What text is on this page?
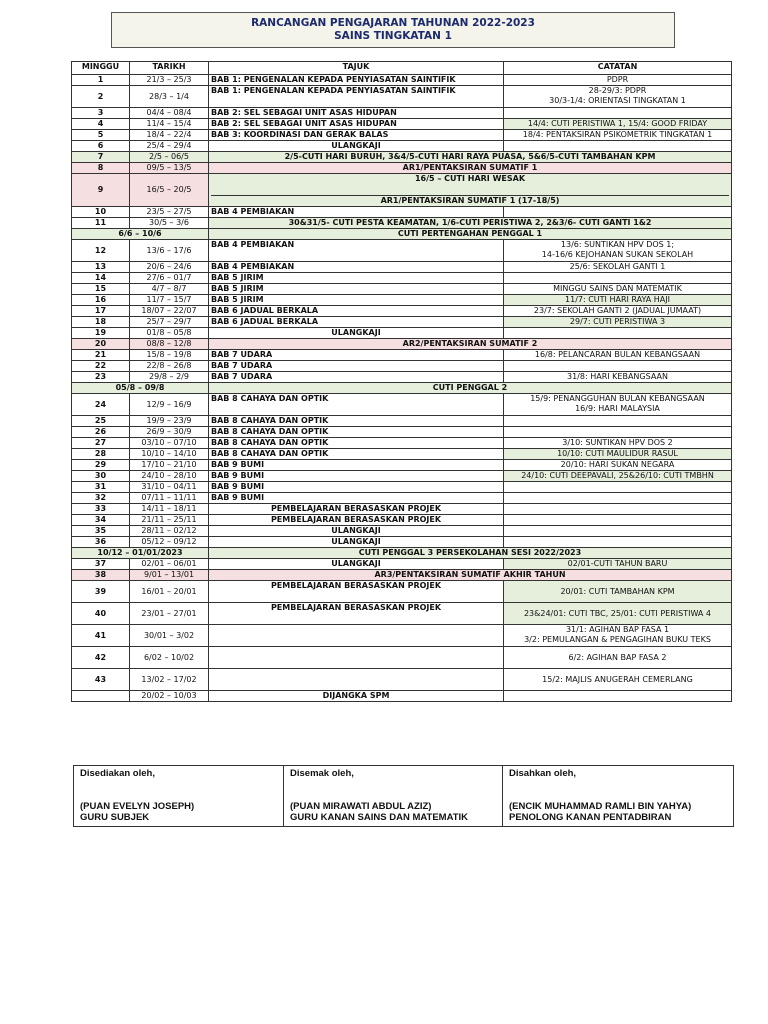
RANCANGAN PENGAJARAN TAHUNAN 2022-2023
SAINS TINGKATAN 1
MINGGU	TARIKH	TAJUK	CATATAN
1	21/3 – 25/3	BAB 1: PENGENALAN KEPADA PENYIASATAN SAINTIFIK	PDPR
2	28/3 – 1/4	BAB 1: PENGENALAN KEPADA PENYIASATAN SAINTIFIK	28-29/3: PDPR
30/3-1/4: ORIENTASI TINGKATAN 1

3	04/4 – 08/4	BAB 2: SEL SEBAGAI UNIT ASAS HIDUPAN	
4	11/4 – 15/4	BAB 2: SEL SEBAGAI UNIT ASAS HIDUPAN	14/4: CUTI PERISTIWA 1, 15/4: GOOD FRIDAY
5	18/4 – 22/4	BAB 3: KOORDINASI DAN GERAK BALAS	18/4: PENTAKSIRAN PSIKOMETRIK TINGKATAN 1
6	25/4 – 29/4	ULANGKAJI	
7	2/5 – 06/5	2/5-CUTI HARI BURUH, 3&4/5-CUTI HARI RAYA PUASA, 5&6/5-CUTI TAMBAHAN KPM	
8	09/5 – 13/5	AR1/PENTAKSIRAN SUMATIF 1	
9	16/5 – 20/5	16/5 – CUTI HARI WESAK
AR1/PENTAKSIRAN SUMATIF 1 (17-18/5)	

10	23/5 – 27/5	BAB 4 PEMBIAKAN	
11	30/5 – 3/6	30&31/5- CUTI PESTA KEAMATAN, 1/6-CUTI PERISTIWA 2, 2&3/6- CUTI GANTI 1&2	
6/6 – 10/6		CUTI PERTENGAHAN PENGGAL 1	
12	13/6 – 17/6	BAB 4 PEMBIAKAN	13/6: SUNTIKAN HPV DOS 1;
14-16/6 KEJOHANAN SUKAN SEKOLAH

13	20/6 – 24/6	BAB 4 PEMBIAKAN	25/6: SEKOLAH GANTI 1
14	27/6 – 01/7	BAB 5 JIRIM	
15	4/7 – 8/7	BAB 5 JIRIM	MINGGU SAINS DAN MATEMATIK
16	11/7 – 15/7	BAB 5 JIRIM	11/7: CUTI HARI RAYA HAJI
17	18/07 – 22/07	BAB 6 JADUAL BERKALA	23/7: SEKOLAH GANTI 2 (JADUAL JUMAAT)
18	25/7 – 29/7	BAB 6 JADUAL BERKALA	29/7: CUTI PERISTIWA 3
19	01/8 – 05/8	ULANGKAJI	
20	08/8 – 12/8	AR2/PENTAKSIRAN SUMATIF 2	
21	15/8 – 19/8	BAB 7 UDARA	16/8: PELANCARAN BULAN KEBANGSAAN
22	22/8 – 26/8	BAB 7 UDARA	
23	29/8 – 2/9	BAB 7 UDARA	31/8: HARI KEBANGSAAN
05/8 – 09/8		CUTI PENGGAL 2	
24	12/9 – 16/9	BAB 8 CAHAYA DAN OPTIK	15/9: PENANGGUHAN BULAN KEBANGSAAN
16/9: HARI MALAYSIA

25	19/9 – 23/9	BAB 8 CAHAYA DAN OPTIK	
26	26/9 – 30/9	BAB 8 CAHAYA DAN OPTIK	
27	03/10 – 07/10	BAB 8 CAHAYA DAN OPTIK	3/10: SUNTIKAN HPV DOS 2
28	10/10 – 14/10	BAB 8 CAHAYA DAN OPTIK	10/10: CUTI MAULIDUR RASUL
29	17/10 – 21/10	BAB 9 BUMI	20/10: HARI SUKAN NEGARA
30	24/10 – 28/10	BAB 9 BUMI	24/10: CUTI DEEPAVALI, 25&26/10: CUTI TMBHN
31	31/10 – 04/11	BAB 9 BUMI	
32	07/11 – 11/11	BAB 9 BUMI	
33	14/11 – 18/11	PEMBELAJARAN BERASASKAN PROJEK	
34	21/11 – 25/11	PEMBELAJARAN BERASASKAN PROJEK	
35	28/11 – 02/12	ULANGKAJI	
36	05/12 – 09/12	ULANGKAJI	
10/12 – 01/01/2023		CUTI PENGGAL 3 PERSEKOLAHAN SESI 2022/2023	
37	02/01 – 06/01	ULANGKAJI	02/01-CUTI TAHUN BARU
38	9/01 – 13/01	AR3/PENTAKSIRAN SUMATIF AKHIR TAHUN	
39	16/01 – 20/01	PEMBELAJARAN BERASASKAN PROJEK	20/01: CUTI TAMBAHAN KPM
40	23/01 – 27/01	PEMBELAJARAN BERASASKAN PROJEK	23&24/01: CUTI TBC, 25/01: CUTI PERISTIWA 4
41	30/01 – 3/02		31/1: AGIHAN BAP FASA 1
3/2: PEMULANGAN & PENGAGIHAN BUKU TEKS

42	6/02 – 10/02		6/2: AGIHAN BAP FASA 2
43	13/02 – 17/02		15/2: MAJLIS ANUGERAH CEMERLANG
	20/02 – 10/03	DIJANGKA SPM	
Disediakan oleh,
(PUAN EVELYN JOSEPH)
GURU SUBJEK

Disemak oleh,
(PUAN MIRAWATI ABDUL AZIZ)
GURU KANAN SAINS DAN MATEMATIK

Disahkan oleh,
(ENCIK MUHAMMAD RAMLI BIN YAHYA)
PENOLONG KANAN PENTADBIRAN
